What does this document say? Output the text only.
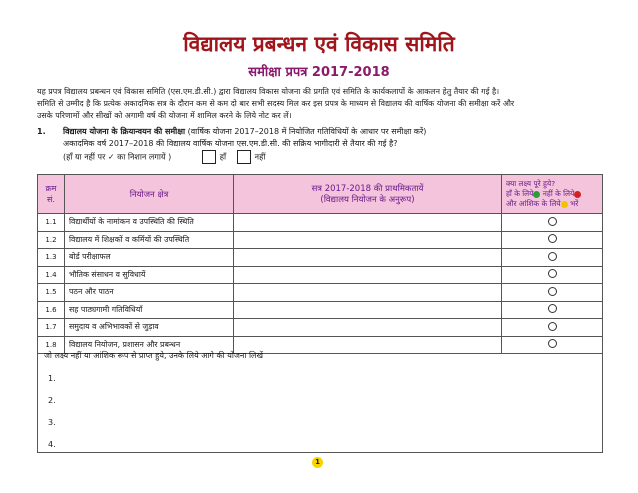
विद्यालय प्रबन्धन एवं विकास समिति
समीक्षा प्रपत्र 2017-2018
यह प्रपत्र विद्यालय प्रबन्धन एवं विकास समिति (एस.एम.डी.सी.) द्वारा विद्यालय विकास योजना की प्रगति एवं समिति के कार्यकलापों के आकलन हेतु तैयार की गई है।
समिति से उम्मीद है कि प्रत्येक अकादमिक सत्र के दौरान कम से कम दो बार सभी सदस्य मिल कर इस प्रपत्र के माध्यम से विद्यालय की वार्षिक योजना की समीक्षा करें और
उसके परिणामों और सीखों को अगामी वर्ष की योजना में शामिल करने के लिये नोट कर लें।
1. विद्यालय योजना के क्रियान्वयन की समीक्षा (वार्षिक योजना 2017–2018 में नियोजित गतिविधियों के आधार पर समीक्षा करें)
अकादमिक वर्ष 2017–2018 की विद्यालय वार्षिक योजना एस.एम.डी.सी. की सक्रिय भागीदारी से तैयार की गई है?
(हाँ या नहीं पर ✓ का निशान लगायें )	हाँ	नहीं
क्रम
सं.	नियोजन क्षेत्र	सत्र 2017-2018 की प्राथमिकतायें
(विद्यालय नियोजन के अनुरूप)	क्या लक्ष्य पूरे हुये?
हाँ के लिये नहीं के लिये
और आंशिक के लिये भरें
1.1	विद्यार्थीयों के नामांकन व उपस्थिति की स्थिति		
1.2	विद्यालय में शिक्षकों व कर्मियों की उपस्थिति		
1.3	बोर्ड परीक्षाफल		
1.4	भौतिक संसाधन व सुविधायें		
1.5	पठन और पाठन		
1.6	सह पाठ्यगामी गतिविधियाँ		
1.7	समुदाय व अभिभावकों से जुड़ाव		
1.8	विद्यालय नियोजन, प्रशासन और प्रबन्धन		
जो लक्ष्य नहीं या आंशिक रूप से प्राप्त हुये, उनके लिये आगे की योजना लिखें
1.
2.
3.
4.
1
